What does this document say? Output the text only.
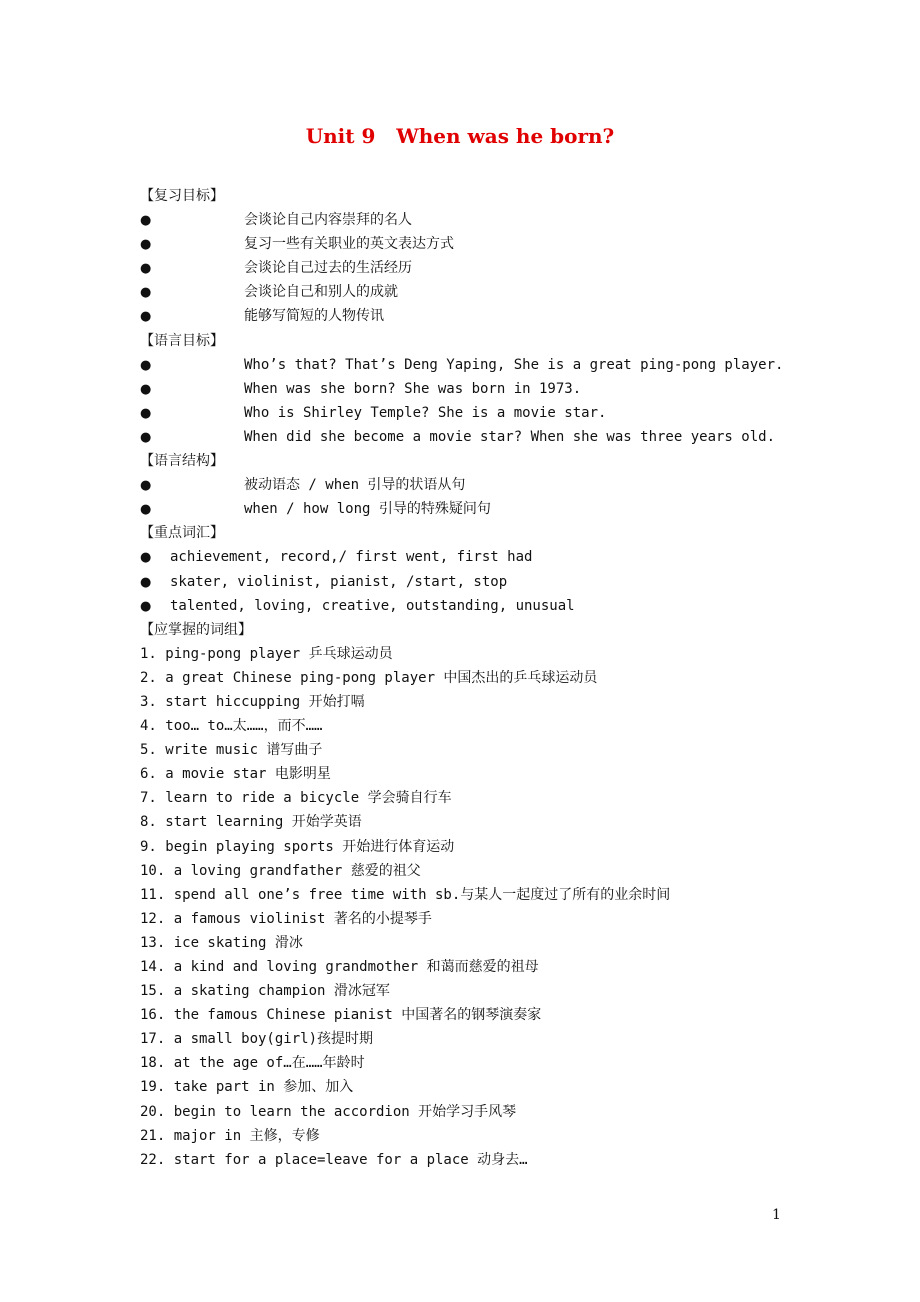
Unit 9   When was he born?
【复习目标】
●	会谈论自己内容崇拜的名人
●	复习一些有关职业的英文表达方式
●	会谈论自己过去的生活经历
●	会谈论自己和别人的成就
●	能够写简短的人物传讯
【语言目标】
●	Who’s that? That’s Deng Yaping, She is a great ping-pong player.
●	When was she born? She was born in 1973.
●	Who is Shirley Temple? She is a movie star.
●	When did she become a movie star? When she was three years old.
【语言结构】
●	被动语态 / when 引导的状语从句
●	when / how long 引导的特殊疑问句
【重点词汇】
● achievement, record,/ first went, first had
● skater, violinist, pianist, /start, stop
● talented, loving, creative, outstanding, unusual
【应掌握的词组】
1. ping-pong player 乒乓球运动员
2. a great Chinese ping-pong player 中国杰出的乒乓球运动员
3. start hiccupping 开始打嗝
4. too… to…太……，而不……
5. write music 谱写曲子
6. a movie star 电影明星
7. learn to ride a bicycle 学会骑自行车
8. start learning 开始学英语
9. begin playing sports 开始进行体育运动
10. a loving grandfather 慈爱的祖父
11. spend all one’s free time with sb.与某人一起度过了所有的业余时间
12. a famous violinist 著名的小提琴手
13. ice skating 滑冰
14. a kind and loving grandmother 和蔼而慈爱的祖母
15. a skating champion 滑冰冠军
16. the famous Chinese pianist 中国著名的钢琴演奏家
17. a small boy(girl)孩提时期
18. at the age of…在……年龄时
19. take part in 参加、加入
20. begin to learn the accordion 开始学习手风琴
21. major in 主修，专修
22. start for a place=leave for a place 动身去…
1
